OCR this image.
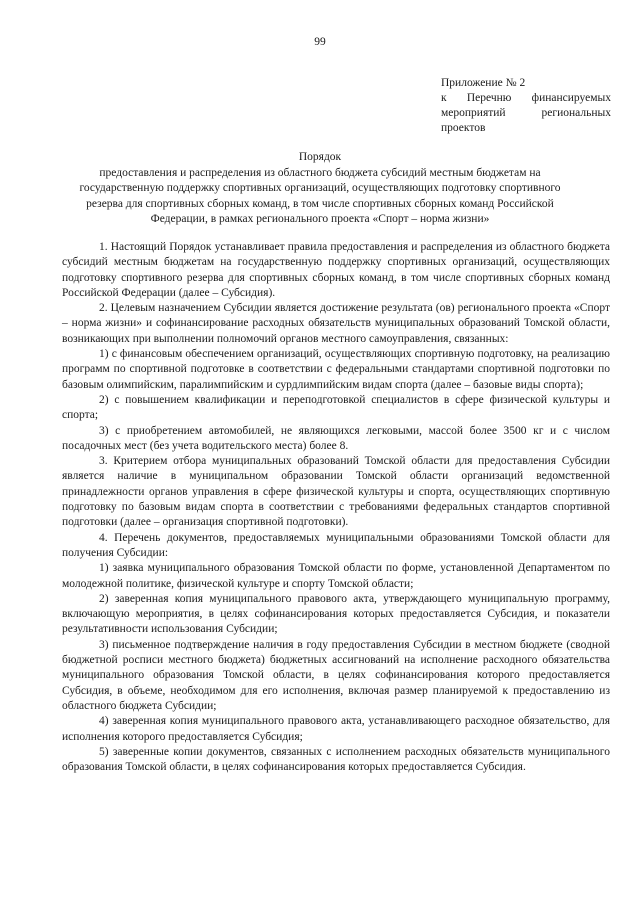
99
Приложение № 2
к Перечню финансируемых
мероприятий региональных
проектов
Порядок
предоставления и распределения из областного бюджета субсидий местным бюджетам на государственную поддержку спортивных организаций, осуществляющих подготовку спортивного резерва для спортивных сборных команд, в том числе спортивных сборных команд Российской Федерации, в рамках регионального проекта «Спорт – норма жизни»

1. Настоящий Порядок устанавливает правила предоставления и распределения из областного бюджета субсидий местным бюджетам на государственную поддержку спортивных организаций, осуществляющих подготовку спортивного резерва для спортивных сборных команд, в том числе спортивных сборных команд Российской Федерации (далее – Субсидия).

2. Целевым назначением Субсидии является достижение результата (ов) регионального проекта «Спорт – норма жизни» и софинансирование расходных обязательств муниципальных образований Томской области, возникающих при выполнении полномочий органов местного самоуправления, связанных:

1) с финансовым обеспечением организаций, осуществляющих спортивную подготовку, на реализацию программ по спортивной подготовке в соответствии с федеральными стандартами спортивной подготовки по базовым олимпийским, паралимпийским и сурдлимпийским видам спорта (далее – базовые виды спорта);

2) с повышением квалификации и переподготовкой специалистов в сфере физической культуры и спорта;

3) с приобретением автомобилей, не являющихся легковыми, массой более 3500 кг и с числом посадочных мест (без учета водительского места) более 8.

3. Критерием отбора муниципальных образований Томской области для предоставления Субсидии является наличие в муниципальном образовании Томской области организаций ведомственной принадлежности органов управления в сфере физической культуры и спорта, осуществляющих спортивную подготовку по базовым видам спорта в соответствии с требованиями федеральных стандартов спортивной подготовки (далее – организация спортивной подготовки).

4. Перечень документов, предоставляемых муниципальными образованиями Томской области для получения Субсидии:

1) заявка муниципального образования Томской области по форме, установленной Департаментом по молодежной политике, физической культуре и спорту Томской области;

2) заверенная копия муниципального правового акта, утверждающего муниципальную программу, включающую мероприятия, в целях софинансирования которых предоставляется Субсидия, и показатели результативности использования Субсидии;

3) письменное подтверждение наличия в году предоставления Субсидии в местном бюджете (сводной бюджетной росписи местного бюджета) бюджетных ассигнований на исполнение расходного обязательства муниципального образования Томской области, в целях софинансирования которого предоставляется Субсидия, в объеме, необходимом для его исполнения, включая размер планируемой к предоставлению из областного бюджета Субсидии;

4) заверенная копия муниципального правового акта, устанавливающего расходное обязательство, для исполнения которого предоставляется Субсидия;

5) заверенные копии документов, связанных с исполнением расходных обязательств муниципального образования Томской области, в целях софинансирования которых предоставляется Субсидия.
